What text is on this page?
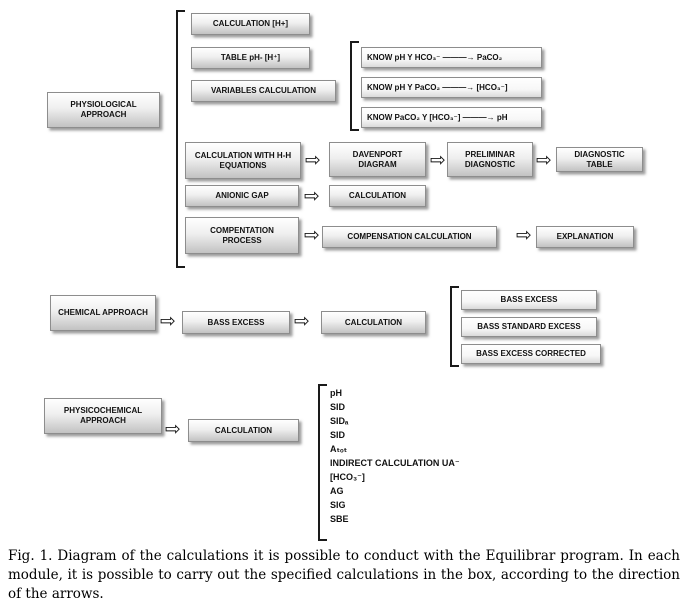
CALCULATION [H+]
TABLE pH- [H⁺]
VARIABLES CALCULATION
KNOW pH Y HCO₃⁻ ———→ PaCO₂
KNOW pH Y PaCO₂ ———→ [HCO₃⁻]
KNOW PaCO₂ Y [HCO₃⁻] ———→ pH
PHYSIOLOGICAL APPROACH
CALCULATION WITH H-H EQUATIONS	⇨	DAVENPORT DIAGRAM	⇨	PRELIMINAR DIAGNOSTIC	⇨	DIAGNOSTIC TABLE
ANIONIC GAP	⇨	CALCULATION
COMPENTATION PROCESS	⇨	COMPENSATION CALCULATION	⇨	EXPLANATION
CHEMICAL APPROACH ⇨	BASS EXCESS	⇨	CALCULATION
BASS EXCESS
BASS STANDARD EXCESS
BASS EXCESS CORRECTED
PHYSICOCHEMICAL APPROACH	⇨	CALCULATION
pH
SID
SIDₐ
SID
Aₜₒₜ
INDIRECT CALCULATION UA⁻
[HCO₃⁻]
AG
SIG
SBE
Fig. 1. Diagram of the calculations it is possible to conduct with the Equilibrar program. In each module, it is possible to carry out the specified calculations in the box, according to the direction of the arrows.
